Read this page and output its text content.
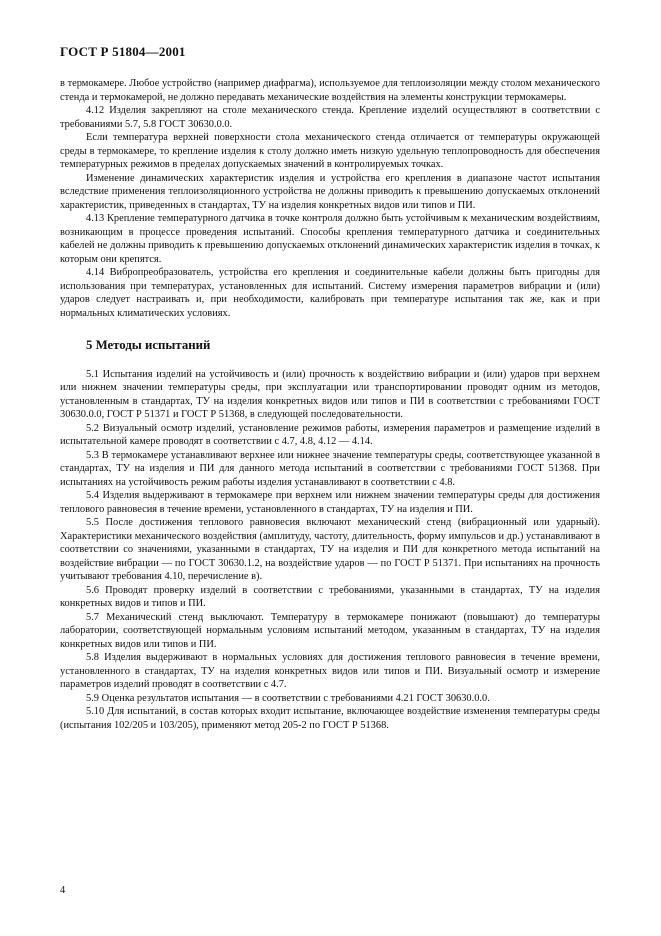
ГОСТ Р 51804—2001

в термокамере. Любое устройство (например диафрагма), используемое для теплоизоляции между столом механического стенда и термокамерой, не должно передавать механические воздействия на элементы конструкции термокамеры.

4.12 Изделия закрепляют на столе механического стенда. Крепление изделий осуществляют в соответствии с требованиями 5.7, 5.8 ГОСТ 30630.0.0.

Если температура верхней поверхности стола механического стенда отличается от температуры окружающей среды в термокамере, то крепление изделия к столу должно иметь низкую удельную теплопроводность для обеспечения температурных режимов в пределах допускаемых значений в контролируемых точках.

Изменение динамических характеристик изделия и устройства его крепления в диапазоне частот испытания вследствие применения теплоизоляционного устройства не должны приводить к превышению допускаемых отклонений характеристик, приведенных в стандартах, ТУ на изделия конкретных видов или типов и ПИ.

4.13 Крепление температурного датчика в точке контроля должно быть устойчивым к механическим воздействиям, возникающим в процессе проведения испытаний. Способы крепления температурного датчика и соединительных кабелей не должны приводить к превышению допускаемых отклонений динамических характеристик изделия в точках, к которым они крепятся.

4.14 Вибропреобразователь, устройства его крепления и соединительные кабели должны быть пригодны для использования при температурах, установленных для испытаний. Систему измерения параметров вибрации и (или) ударов следует настраивать и, при необходимости, калибровать при температуре испытания так же, как и при нормальных климатических условиях.

5 Методы испытаний

5.1 Испытания изделий на устойчивость и (или) прочность к воздействию вибрации и (или) ударов при верхнем или нижнем значении температуры среды, при эксплуатации или транспортировании проводят одним из методов, установленным в стандартах, ТУ на изделия конкретных видов или типов и ПИ в соответствии с требованиями ГОСТ 30630.0.0, ГОСТ Р 51371 и ГОСТ Р 51368, в следующей последовательности.

5.2 Визуальный осмотр изделий, установление режимов работы, измерения параметров и размещение изделий в испытательной камере проводят в соответствии с 4.7, 4.8, 4.12 — 4.14.

5.3 В термокамере устанавливают верхнее или нижнее значение температуры среды, соответствующее указанной в стандартах, ТУ на изделия и ПИ для данного метода испытаний в соответствии с требованиями ГОСТ 51368. При испытаниях на устойчивость режим работы изделия устанавливают в соответствии с 4.8.

5.4 Изделия выдерживают в термокамере при верхнем или нижнем значении температуры среды для достижения теплового равновесия в течение времени, установленного в стандартах, ТУ на изделия и ПИ.

5.5 После достижения теплового равновесия включают механический стенд (вибрационный или ударный). Характеристики механического воздействия (амплитуду, частоту, длительность, форму импульсов и др.) устанавливают в соответствии со значениями, указанными в стандартах, ТУ на изделия и ПИ для конкретного метода испытаний на воздействие вибрации — по ГОСТ 30630.1.2, на воздействие ударов — по ГОСТ Р 51371. При испытаниях на прочность учитывают требования 4.10, перечисление в).

5.6 Проводят проверку изделий в соответствии с требованиями, указанными в стандартах, ТУ на изделия конкретных видов и типов и ПИ.

5.7 Механический стенд выключают. Температуру в термокамере понижают (повышают) до температуры лаборатории, соответствующей нормальным условиям испытаний методом, указанным в стандартах, ТУ на изделия конкретных видов или типов и ПИ.

5.8 Изделия выдерживают в нормальных условиях для достижения теплового равновесия в течение времени, установленного в стандартах, ТУ на изделия конкретных видов или типов и ПИ. Визуальный осмотр и измерение параметров изделий проводят в соответствии с 4.7.

5.9 Оценка результатов испытания — в соответствии с требованиями 4.21 ГОСТ 30630.0.0.

5.10 Для испытаний, в состав которых входит испытание, включающее воздействие изменения температуры среды (испытания 102/205 и 103/205), применяют метод 205-2 по ГОСТ Р 51368.

4
